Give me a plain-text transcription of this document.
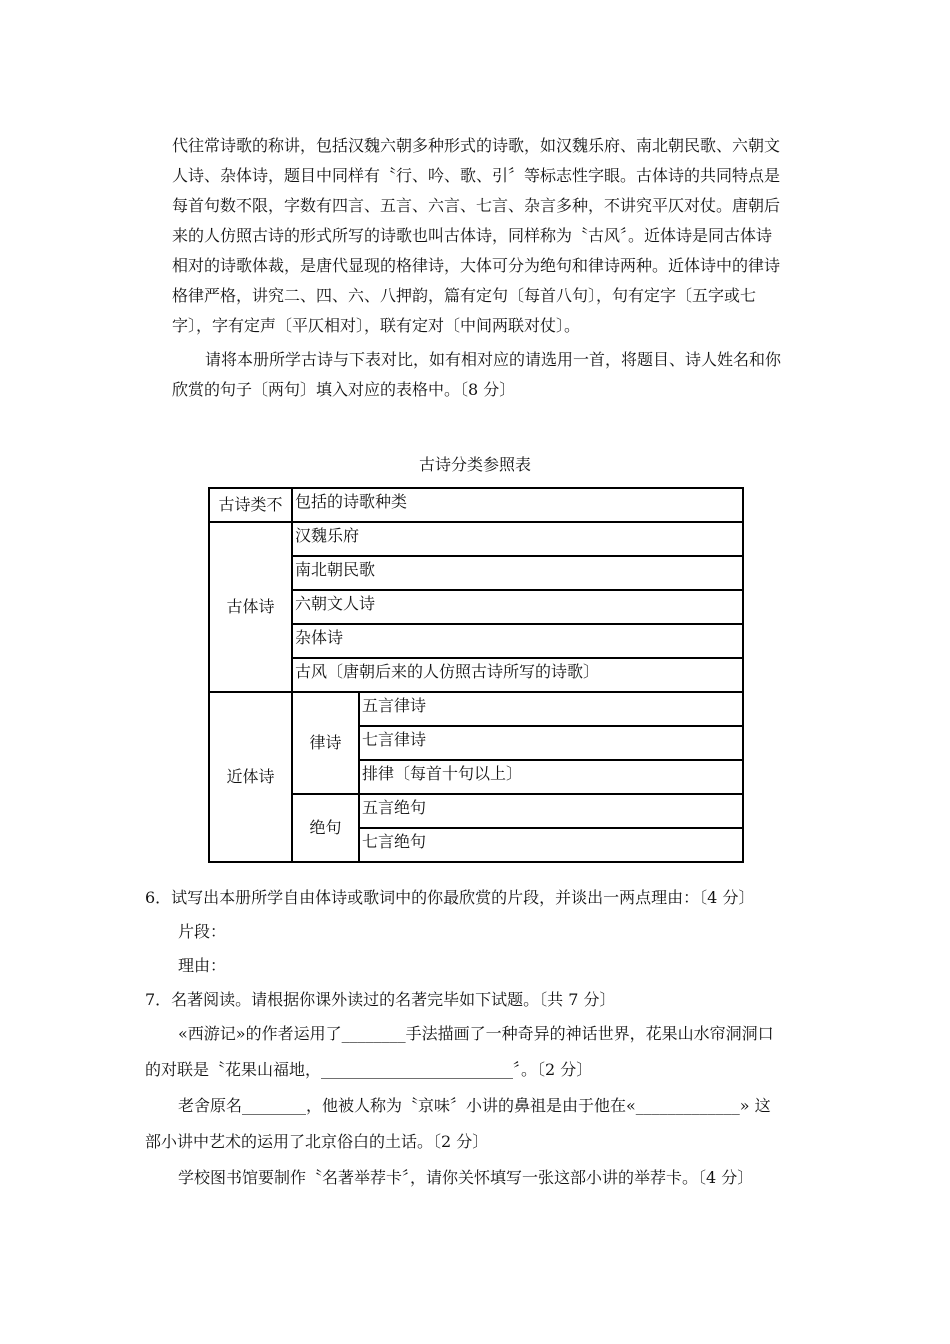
代往常诗歌的称讲，包括汉魏六朝多种形式的诗歌，如汉魏乐府、南北朝民歌、六朝文
人诗、杂体诗，题目中同样有〝行、吟、歌、引〞等标志性字眼。古体诗的共同特点是
每首句数不限，字数有四言、五言、六言、七言、杂言多种，不讲究平仄对仗。唐朝后
来的人仿照古诗的形式所写的诗歌也叫古体诗，同样称为〝古风〞。近体诗是同古体诗
相对的诗歌体裁，是唐代显现的格律诗，大体可分为绝句和律诗两种。近体诗中的律诗
格律严格，讲究二、四、六、八押韵，篇有定句〔每首八句〕，句有定字〔五字或七
字〕，字有定声〔平仄相对〕，联有定对〔中间两联对仗〕。
请将本册所学古诗与下表对比，如有相对应的请选用一首，将题目、诗人姓名和你
欣赏的句子〔两句〕填入对应的表格中。〔8 分〕
古诗分类参照表
古诗类不	包括的诗歌种类	
古体诗	汉魏乐府	
	南北朝民歌	
	六朝文人诗	
	杂体诗	
	古风〔唐朝后来的人仿照古诗所写的诗歌〕	
近体诗	律诗	五言律诗
		七言律诗
		排律〔每首十句以上〕
	绝句	五言绝句
		七言绝句
6．试写出本册所学自由体诗或歌词中的你最欣赏的片段，并谈出一两点理由：〔4 分〕
片段：
理由：
7．名著阅读。请根据你课外读过的名著完毕如下试题。〔共 7 分〕
«西游记»的作者运用了________手法描画了一种奇异的神话世界，花果山水帘洞洞口
的对联是〝花果山福地，________________________〞。〔2 分〕
老舍原名________，他被人称为〝京味〞小讲的鼻祖是由于他在«_____________» 这
部小讲中艺术的运用了北京俗白的土话。〔2 分〕
学校图书馆要制作〝名著举荐卡〞，请你关怀填写一张这部小讲的举荐卡。〔4 分〕
